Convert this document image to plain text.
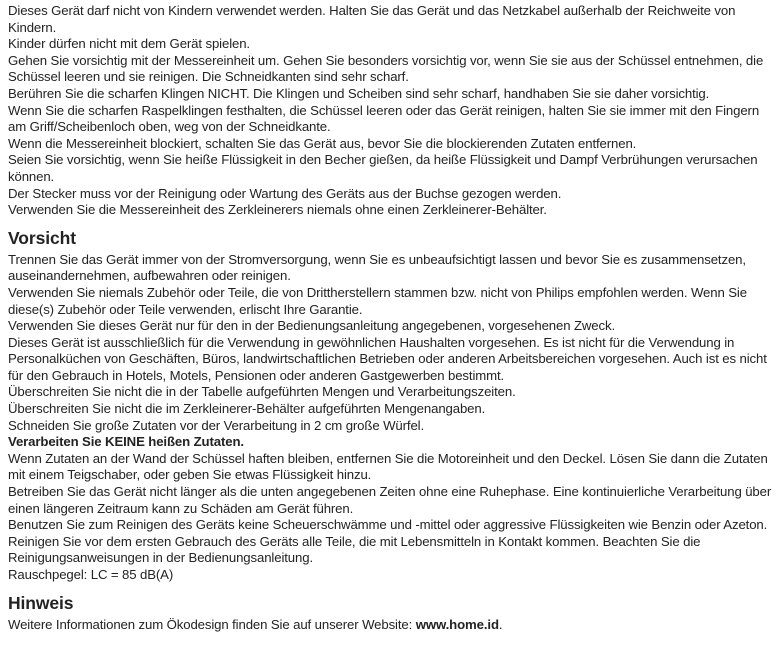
Dieses Gerät darf nicht von Kindern verwendet werden. Halten Sie das Gerät und das Netzkabel außerhalb der Reichweite von Kindern.

Kinder dürfen nicht mit dem Gerät spielen.

Gehen Sie vorsichtig mit der Messereinheit um. Gehen Sie besonders vorsichtig vor, wenn Sie sie aus der Schüssel entnehmen, die Schüssel leeren und sie reinigen. Die Schneidkanten sind sehr scharf.

Berühren Sie die scharfen Klingen NICHT. Die Klingen und Scheiben sind sehr scharf, handhaben Sie sie daher vorsichtig.

Wenn Sie die scharfen Raspelklingen festhalten, die Schüssel leeren oder das Gerät reinigen, halten Sie sie immer mit den Fingern am Griff/Scheibenloch oben, weg von der Schneidkante.

Wenn die Messereinheit blockiert, schalten Sie das Gerät aus, bevor Sie die blockierenden Zutaten entfernen.

Seien Sie vorsichtig, wenn Sie heiße Flüssigkeit in den Becher gießen, da heiße Flüssigkeit und Dampf Verbrühungen verursachen können.

Der Stecker muss vor der Reinigung oder Wartung des Geräts aus der Buchse gezogen werden.

Verwenden Sie die Messereinheit des Zerkleinerers niemals ohne einen Zerkleinerer-Behälter.

Vorsicht

Trennen Sie das Gerät immer von der Stromversorgung, wenn Sie es unbeaufsichtigt lassen und bevor Sie es zusammensetzen, auseinandernehmen, aufbewahren oder reinigen.

Verwenden Sie niemals Zubehör oder Teile, die von Drittherstellern stammen bzw. nicht von Philips empfohlen werden. Wenn Sie diese(s) Zubehör oder Teile verwenden, erlischt Ihre Garantie.

Verwenden Sie dieses Gerät nur für den in der Bedienungsanleitung angegebenen, vorgesehenen Zweck.

Dieses Gerät ist ausschließlich für die Verwendung in gewöhnlichen Haushalten vorgesehen. Es ist nicht für die Verwendung in Personalküchen von Geschäften, Büros, landwirtschaftlichen Betrieben oder anderen Arbeitsbereichen vorgesehen. Auch ist es nicht für den Gebrauch in Hotels, Motels, Pensionen oder anderen Gastgewerben bestimmt.

Überschreiten Sie nicht die in der Tabelle aufgeführten Mengen und Verarbeitungszeiten.

Überschreiten Sie nicht die im Zerkleinerer-Behälter aufgeführten Mengenangaben.

Schneiden Sie große Zutaten vor der Verarbeitung in 2 cm große Würfel.

Verarbeiten Sie KEINE heißen Zutaten.

Wenn Zutaten an der Wand der Schüssel haften bleiben, entfernen Sie die Motoreinheit und den Deckel. Lösen Sie dann die Zutaten mit einem Teigschaber, oder geben Sie etwas Flüssigkeit hinzu.

Betreiben Sie das Gerät nicht länger als die unten angegebenen Zeiten ohne eine Ruhephase. Eine kontinuierliche Verarbeitung über einen längeren Zeitraum kann zu Schäden am Gerät führen.

Benutzen Sie zum Reinigen des Geräts keine Scheuerschwämme und -mittel oder aggressive Flüssigkeiten wie Benzin oder Azeton.

Reinigen Sie vor dem ersten Gebrauch des Geräts alle Teile, die mit Lebensmitteln in Kontakt kommen. Beachten Sie die Reinigungsanweisungen in der Bedienungsanleitung.

Rauschpegel: LC = 85 dB(A)

Hinweis

Weitere Informationen zum Ökodesign finden Sie auf unserer Website: www.home.id.
